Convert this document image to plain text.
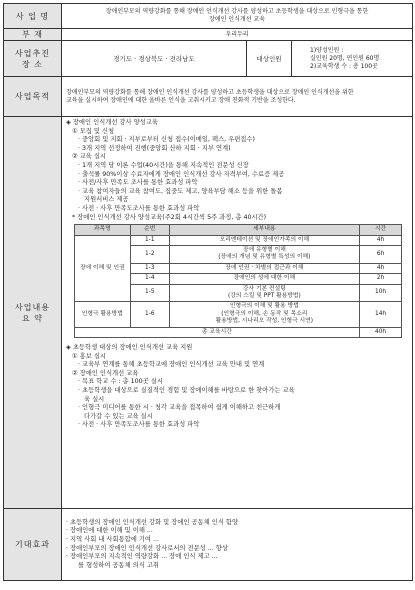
사 업 명	장애인부모의 역량강화를 통해 장애인 인식개선 강사를 양성하고 초등학생을 대상으로 인형극을 통한
장애인 인식개선 교육

부 재	우리두리

사업추진
장 소
	경기도 · 경상북도 · 전라남도	대상인원	
1)양성인원 :
실인원 20명, 연인원 60명
2)교육학생 수 : 총 100곳

사업목적	장애인부모의 역량강화를 통해 장애인 인식개선 강사를 양성하고 초등학생을 대상으로 장애인 인식개선을 위한
교육을 실시하여 장애인에 대한 올바른 인식을 고취시키고 장애 친화적 기반을 조성한다.

사업내용
요 약

◈ 장애인 인식개선 강사 양성교육

① 모집 및 신청

· 중앙회 및 지회 · 지부로부터 신청 접수(이메일, 팩스, 우편접수)

· 3개 지역 선정하여 진행(중앙회 산하 지회 · 지부 연계)

② 교육 실시

· 1개 지역 당 이론 수업(40시간)을 통해 지속적인 전문성 신장

· 출석률 90%이상 수료자에게 장애인 인식개선 강사 자격부여, 수료증 제공

· 사전/사후 만족도 조사를 통한 효과성 파악

· 교육 참여자들의 교육 참여도, 집중도 제고, 양육부담 해소 등을 위한 돌봄

지원서비스 제공

· 사전 · 사후 만족도조사를 통한 효과성 파악

* 장애인 인식개선 강사 양성교육(주2회 4시간씩 5주 과정, 총 40시간)

과목명	순번	세부내용	시간
장애 이해 및 인권	1-1	오리엔테이션 및 장애인가족의 이해	4h
1-2	
장애 유형별 이해
(장애의 개념 및 유형별 특성의 이해)
	6h
1-3	장애 인권 · 차별의 접근과 이해	4h
1-4	장애인의 성에 대한 이해	2h
1-5	
강사 기본 컨설팅
(강의 스킬 및 PPT 활용방법)
	10h
인형극 활용방법	1-6	
인형극의 이해 및 활용 방법
(인형극의 이해, 손 동작 및 목소리
활용방법, 시나리오 작성, 인형극 시연)
	14h
총 교육시간	40h

◈ 초등학생 대상의 장애인 인식개선 교육 지원

① 홍보 실시

· 교육부 연계를 통해 초등학교에 장애인 인식개선 교육 안내 및 연계

② 장애인 인식개선 교육

· 목표 학교 수 : 총 100곳 실시

· 초등학생을 대상으로 실질적인 경험 및 장애이해를 바탕으로 한 찾아가는 교육

육 실시

· 인형극 미디어를 통한 시 · 청각 교육을 접목하여 쉽게 이해하고 친근하게

다가갈 수 있는 교육 실시

· 사전 · 사후 만족도조사를 통한 효과성 파악

기대효과	

· 초등학생의 장애인 인식개선 강화 및 장애인 공동체 인식 함양

· 장애인에 대한 이해 및 이해 ...

· 지역 사회 내 사회통합에 기여 ...

· 장애인부모의 장애인 인식개선 강사로서의 전문성 ... 향상

· 장애인부모의 지속적인 역량강화 ... 장애 인식 제고 ...

를 형성하여 공동체 의식 고취
